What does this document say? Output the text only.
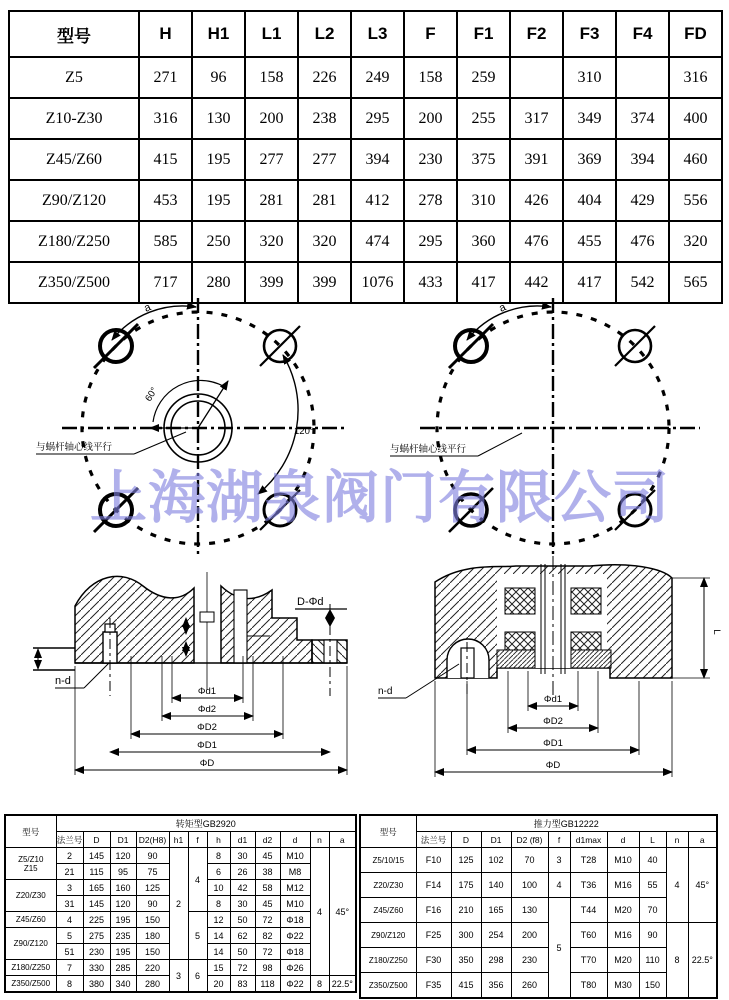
型号	H	H1	L1	L2	L3	F	F1	F2	F3	F4	FD
Z5	271	96	158	226	249	158	259		310		316
Z10-Z30	316	130	200	238	295	200	255	317	349	374	400
Z45/Z60	415	195	277	277	394	230	375	391	369	394	460
Z90/Z120	453	195	281	281	412	278	310	426	404	429	556
Z180/Z250	585	250	320	320	474	295	360	476	455	476	320
Z350/Z500	717	280	399	399	1076	433	417	442	417	542	565
上海湖泉阀门有限公司
a
60°
120°
与蜗杆轴心线平行
a
与蜗杆轴心线平行
n-d
D-Φd
Φd1
Φd2
ΦD2
ΦD1
ΦD
n-d
Φd1
ΦD2
ΦD1
ΦD
L
型号	转矩型GB2920											
	法兰号	D	D1	D2(H8)	h1	f	h	d1	d2	d	n	a
Z5/Z10
Z15	2	145	120	90	2	4	8	30	45	M10	4	45°
	21	115	95	75			6	26	38	M8		
Z20/Z30	3	165	160	125			10	42	58	M12		
	31	145	120	90			8	30	45	M10		
Z45/Z60	4	225	195	150		5	12	50	72	Φ18		
Z90/Z120	5	275	235	180			14	62	82	Φ22		
	51	230	195	150			14	50	72	Φ18		
Z180/Z250	7	330	285	220	3	6	15	72	98	Φ26		
Z350/Z500	8	380	340	280			20	83	118	Φ22	8	22.5°
型号	推力型GB12222									
	法兰号	D	D1	D2 (f8)	f	d1max	d	L	n	a
Z5/10/15	F10	125	102	70	3	T28	M10	40	4	45°
Z20/Z30	F14	175	140	100	4	T36	M16	55		
Z45/Z60	F16	210	165	130	5	T44	M20	70		
Z90/Z120	F25	300	254	200		T60	M16	90	8	22.5°
Z180/Z250	F30	350	298	230		T70	M20	110		
Z350/Z500	F35	415	356	260		T80	M30	150		
